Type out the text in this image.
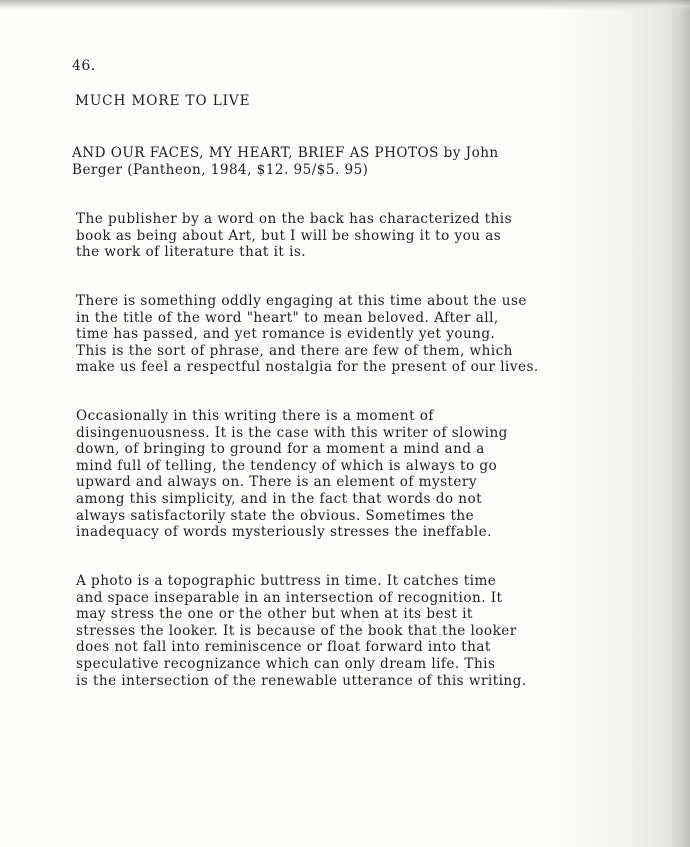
46.
MUCH MORE TO LIVE
AND OUR FACES, MY HEART, BRIEF AS PHOTOS by John
Berger (Pantheon, 1984, $12. 95/$5. 95)
The publisher by a word on the back has characterized this
book as being about Art, but I will be showing it to you as
the work of literature that it is.
There is something oddly engaging at this time about the use
in the title of the word "heart" to mean beloved. After all,
time has passed, and yet romance is evidently yet young.
This is the sort of phrase, and there are few of them, which
make us feel a respectful nostalgia for the present of our lives.
Occasionally in this writing there is a moment of
disingenuousness. It is the case with this writer of slowing
down, of bringing to ground for a moment a mind and a
mind full of telling, the tendency of which is always to go
upward and always on. There is an element of mystery
among this simplicity, and in the fact that words do not
always satisfactorily state the obvious. Sometimes the
inadequacy of words mysteriously stresses the ineffable.
A photo is a topographic buttress in time. It catches time
and space inseparable in an intersection of recognition. It
may stress the one or the other but when at its best it
stresses the looker. It is because of the book that the looker
does not fall into reminiscence or float forward into that
speculative recognizance which can only dream life. This
is the intersection of the renewable utterance of this writing.
